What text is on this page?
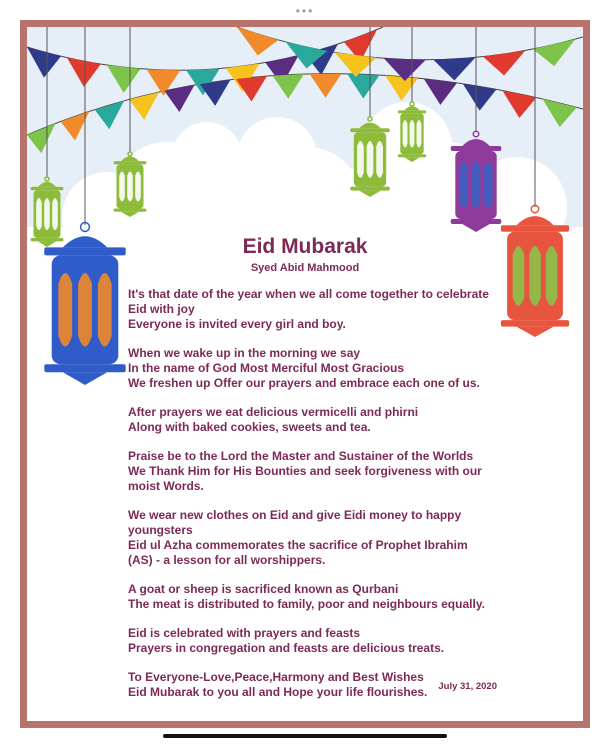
•••
Eid Mubarak
Syed Abid Mahmood
It's that date of the year when we all come together to celebrate
Eid with joy
Everyone is invited every girl and boy.
When we wake up in the morning we say
In the name of God Most Merciful Most Gracious
We freshen up Offer our prayers and embrace each one of us.
After prayers we eat delicious vermicelli and phirni
Along with baked cookies, sweets and tea.
Praise be to the Lord the Master and Sustainer of the Worlds
We Thank Him for His Bounties and seek forgiveness with our
moist Words.
We wear new clothes on Eid and give Eidi money to happy
youngsters
Eid ul Azha commemorates the sacrifice of Prophet Ibrahim
(AS) - a lesson for all worshippers.
A goat or sheep is sacrificed known as Qurbani
The meat is distributed to family, poor and neighbours equally.
Eid is celebrated with prayers and feasts
Prayers in congregation and feasts are delicious treats.
To Everyone-Love,Peace,Harmony and Best Wishes
Eid Mubarak to you all and Hope your life flourishes.	July 31, 2020
